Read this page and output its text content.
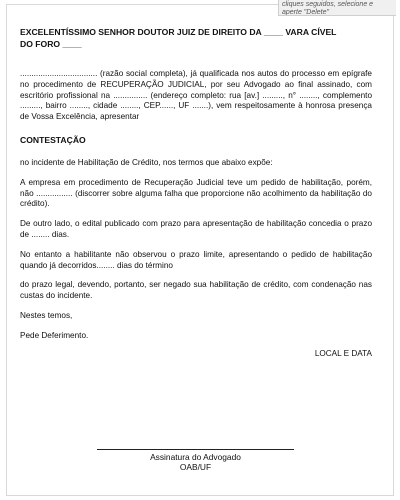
cliques seguidos, selecione e
aperte "Delete"

EXCELENTÍSSIMO SENHOR DOUTOR JUIZ DE DIREITO DA ____ VARA CÍVEL

DO FORO ____

.................................. (razão social completa), já qualificada nos autos do processo em epígrafe no procedimento de RECUPERAÇÃO JUDICIAL, por seu Advogado ao final assinado, com escritório profissional na ............... (endereço completo: rua [av.] ........., n° ........, complemento ........., bairro ........, cidade ........, CEP......, UF .......), vem respeitosamente à honrosa presença de Vossa Excelência, apresentar

CONTESTAÇÃO

no incidente de Habilitação de Crédito, nos termos que abaixo expõe:

A empresa em procedimento de Recuperação Judicial teve um pedido de habilitação, porém, não ................ (discorrer sobre alguma falha que proporcione não acolhimento da habilitação do crédito).

De outro lado, o edital publicado com prazo para apresentação de habilitação concedia o prazo de ........ dias.

No entanto a habilitante não observou o prazo limite, apresentando o pedido de habilitação quando já decorridos........ dias do término

do prazo legal, devendo, portanto, ser negado sua habilitação de crédito, com condenação nas custas do incidente.

Nestes temos,

Pede Deferimento.

LOCAL E DATA

Assinatura do Advogado
OAB/UF
